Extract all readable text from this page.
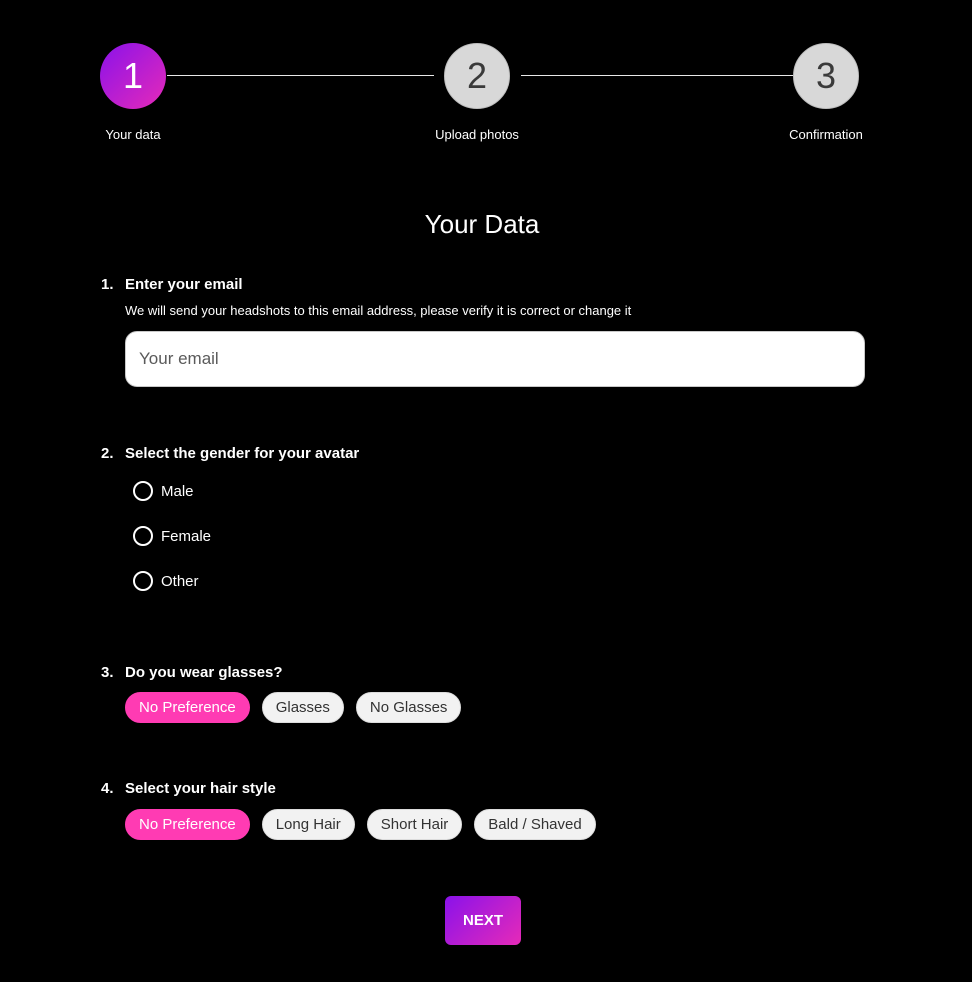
1	2	3
Your data	Upload photos	Confirmation
Your Data
1. Enter your email
We will send your headshots to this email address, please verify it is correct or change it
Your email
2. Select the gender for your avatar
Male
Female
Other
3. Do you wear glasses?
No Preference	Glasses	No Glasses
4. Select your hair style
No Preference	Long Hair	Short Hair	Bald / Shaved
NEXT
